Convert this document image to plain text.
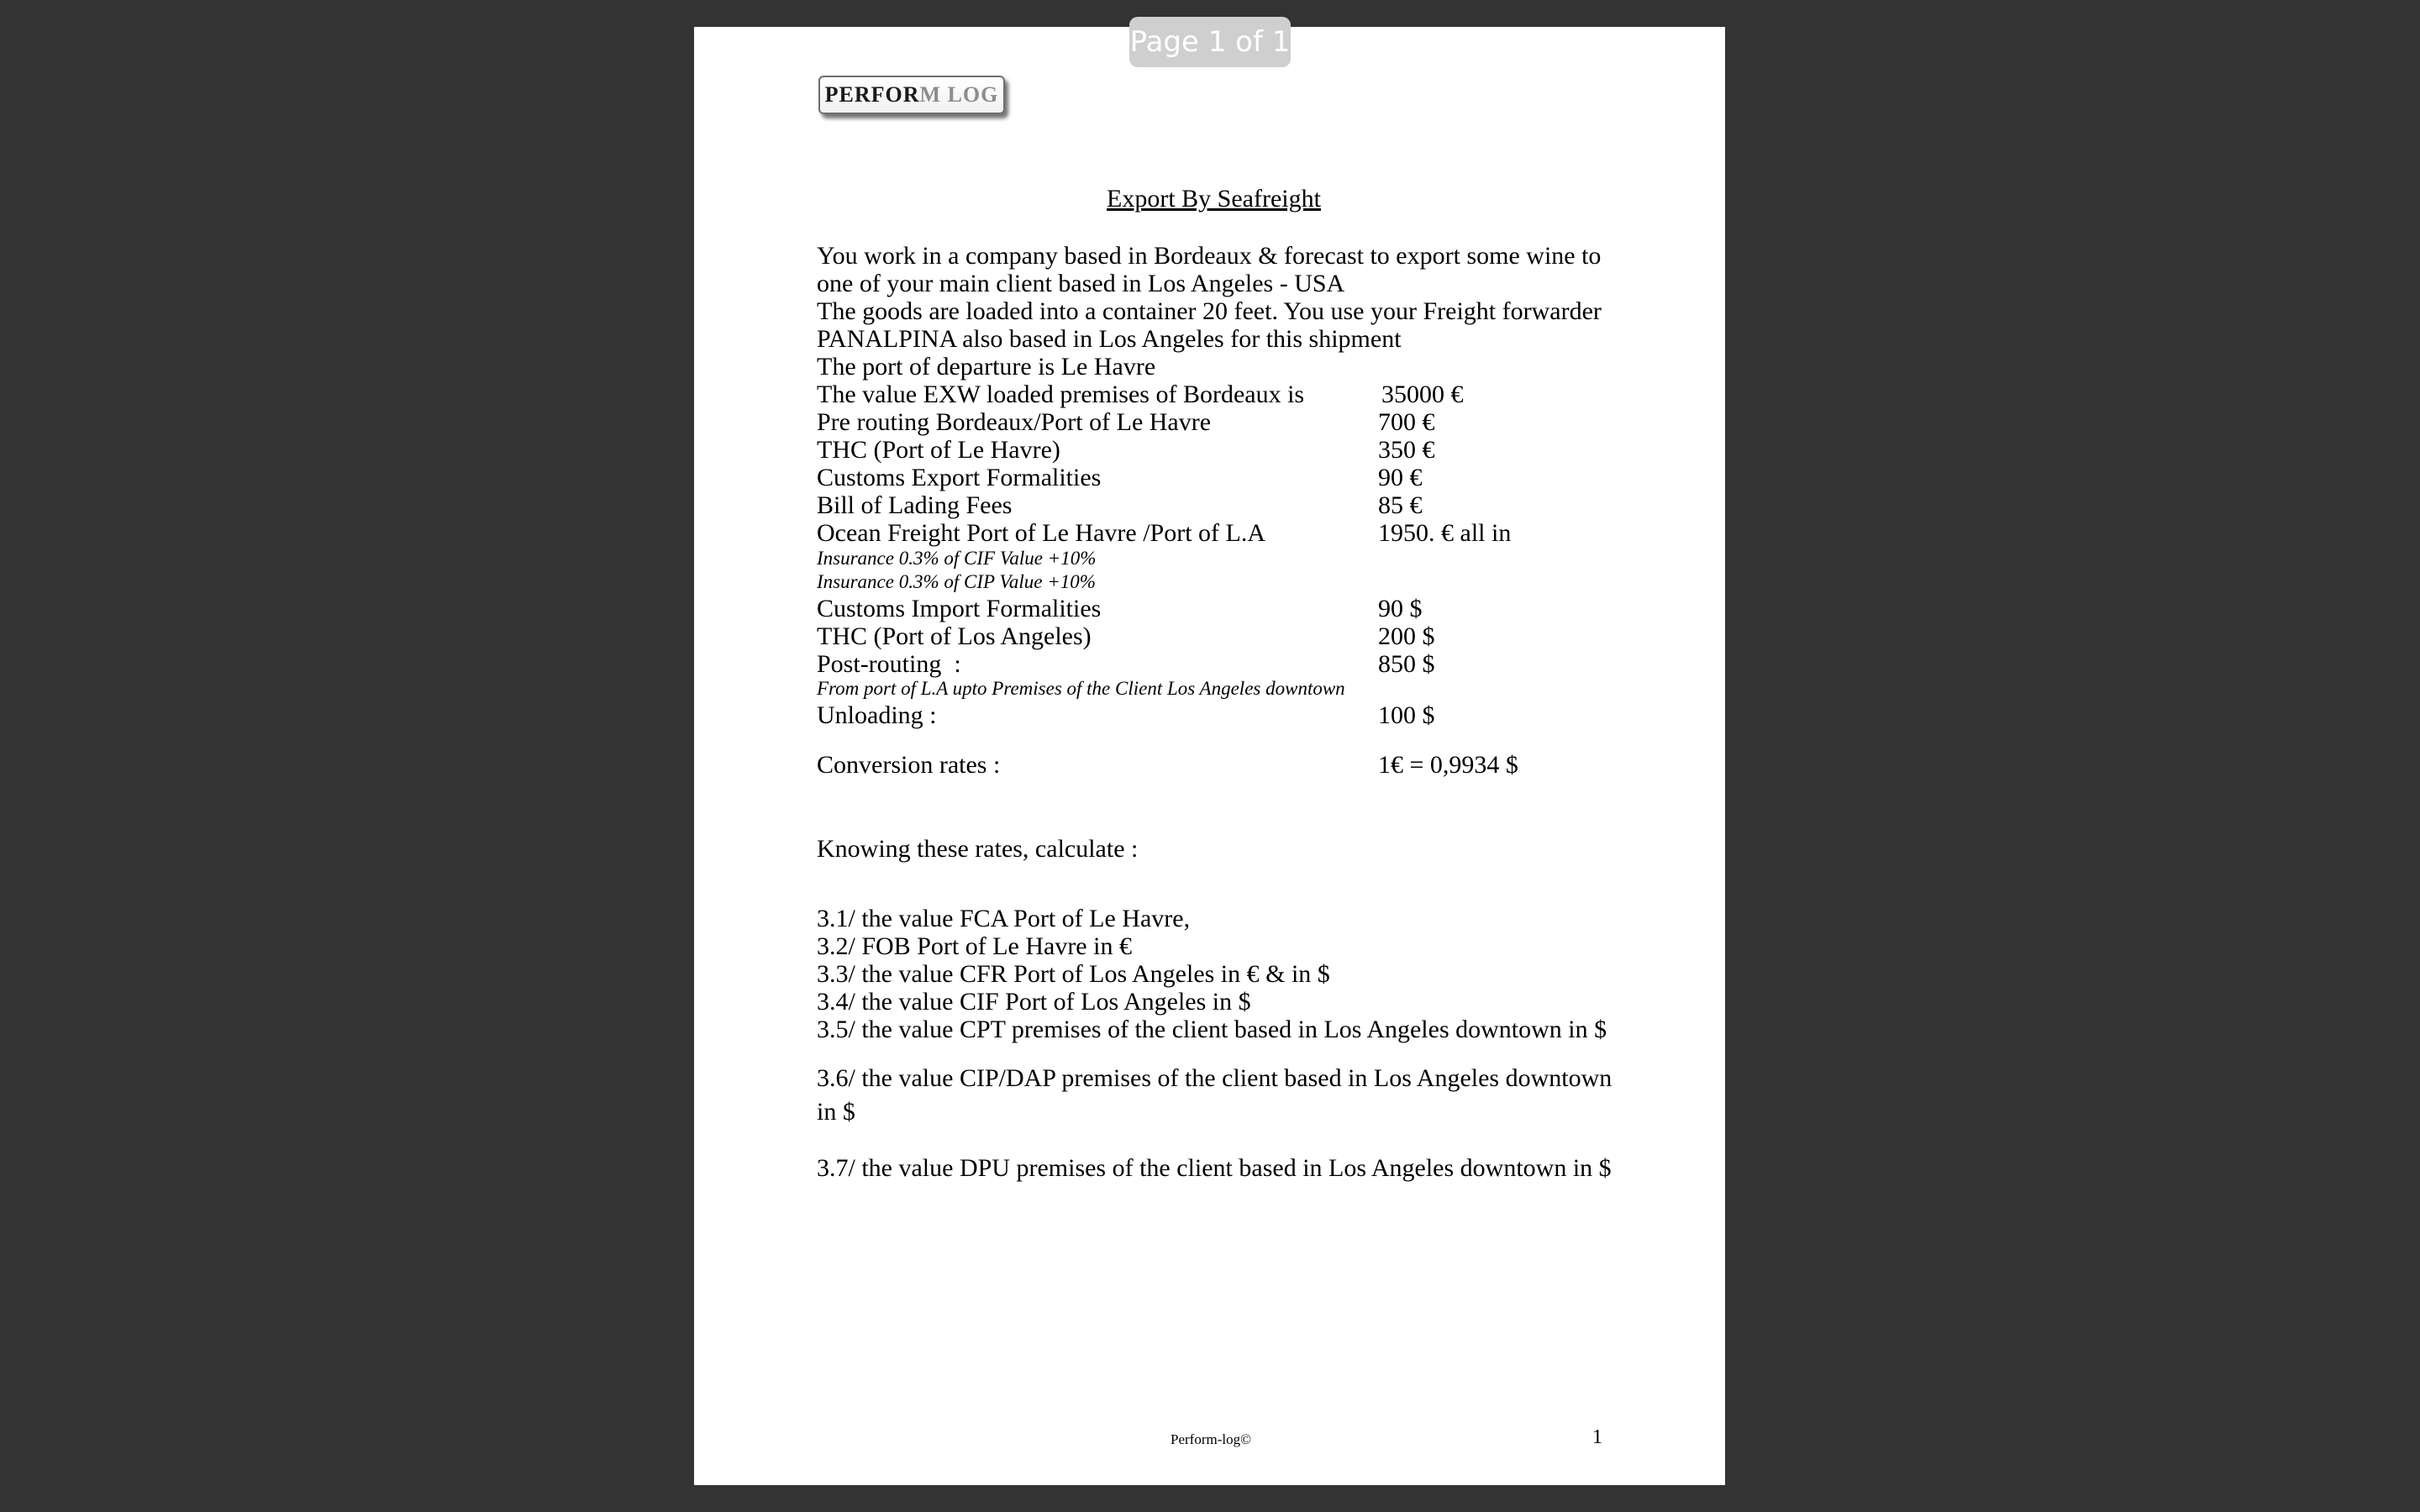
Page 1 of 1
PERFORM LOG
Export By Seafreight
You work in a company based in Bordeaux & forecast to export some wine to
one of your main client based in Los Angeles - USA
The goods are loaded into a container 20 feet. You use your Freight forwarder
PANALPINA also based in Los Angeles for this shipment
The port of departure is Le Havre
The value EXW loaded premises of Bordeaux is	35000 €
Pre routing Bordeaux/Port of Le Havre	700 €
THC (Port of Le Havre)	350 €
Customs Export Formalities	90 €
Bill of Lading Fees	85 €
Ocean Freight Port of Le Havre /Port of L.A	1950. € all in
Insurance 0.3% of CIF Value +10%
Insurance 0.3% of CIP Value +10%
Customs Import Formalities	90 $
THC (Port of Los Angeles)	200 $
Post-routing  :	850 $
From port of L.A upto Premises of the Client Los Angeles downtown
Unloading :	100 $
Conversion rates :	1€ = 0,9934 $
Knowing these rates, calculate :
3.1/ the value FCA Port of Le Havre,
3.2/ FOB Port of Le Havre in €
3.3/ the value CFR Port of Los Angeles in € & in $
3.4/ the value CIF Port of Los Angeles in $
3.5/ the value CPT premises of the client based in Los Angeles downtown in $
3.6/ the value CIP/DAP premises of the client based in Los Angeles downtown
in $
3.7/ the value DPU premises of the client based in Los Angeles downtown in $
Perform-log©	1
